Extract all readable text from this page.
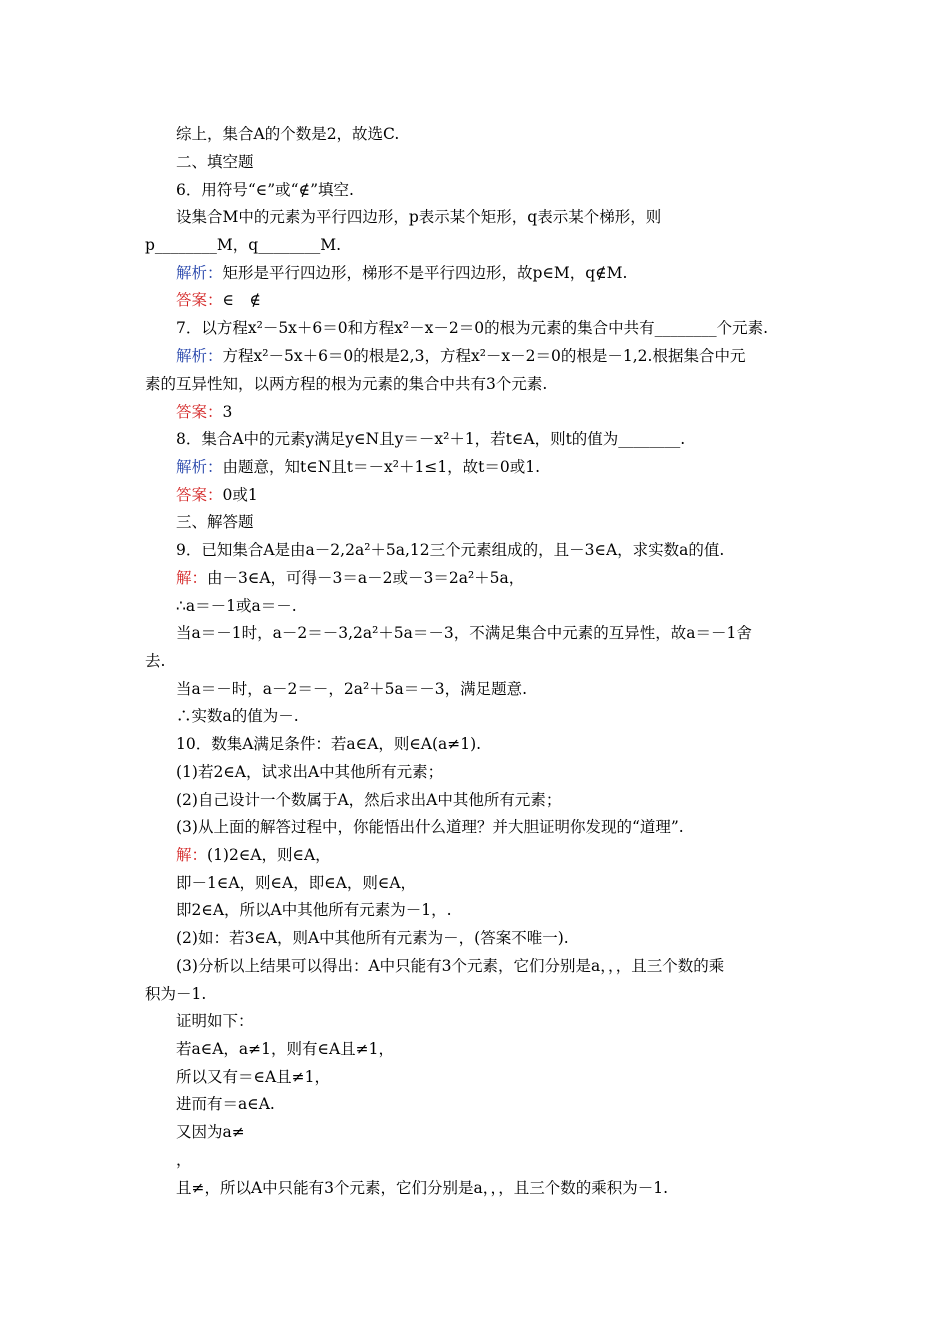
综上，集合A的个数是2，故选C.
二、填空题
6．用符号“∈”或“∉”填空.
设集合M中的元素为平行四边形，p表示某个矩形，q表示某个梯形，则
p________M，q________M.
解析：矩形是平行四边形，梯形不是平行四边形，故p∈M，q∉M.
答案：∈　∉
7．以方程x²－5x＋6＝0和方程x²－x－2＝0的根为元素的集合中共有________个元素.
解析：方程x²－5x＋6＝0的根是2,3，方程x²－x－2＝0的根是－1,2.根据集合中元
素的互异性知，以两方程的根为元素的集合中共有3个元素.
答案：3
8．集合A中的元素y满足y∈N且y＝－x²＋1，若t∈A，则t的值为________.
解析：由题意，知t∈N且t＝－x²＋1≤1，故t＝0或1.
答案：0或1
三、解答题
9．已知集合A是由a－2,2a²＋5a,12三个元素组成的，且－3∈A，求实数a的值.
解：由－3∈A，可得－3＝a－2或－3＝2a²＋5a，
∴a＝－1或a＝－.
当a＝－1时，a－2＝－3,2a²＋5a＝－3，不满足集合中元素的互异性，故a＝－1舍
去.
当a＝－时，a－2＝－，2a²＋5a＝－3，满足题意.
∴实数a的值为－.
10．数集A满足条件：若a∈A，则∈A(a≠1).
(1)若2∈A，试求出A中其他所有元素；
(2)自己设计一个数属于A，然后求出A中其他所有元素；
(3)从上面的解答过程中，你能悟出什么道理？并大胆证明你发现的“道理”.
解：(1)2∈A，则∈A，
即－1∈A，则∈A，即∈A，则∈A，
即2∈A，所以A中其他所有元素为－1，.
(2)如：若3∈A，则A中其他所有元素为－，(答案不唯一).
(3)分析以上结果可以得出：A中只能有3个元素，它们分别是a，，，且三个数的乘
积为－1.
证明如下：
若a∈A，a≠1，则有∈A且≠1，
所以又有＝∈A且≠1，
进而有＝a∈A.
又因为a≠
，
且≠，所以A中只能有3个元素，它们分别是a，，，且三个数的乘积为－1.
